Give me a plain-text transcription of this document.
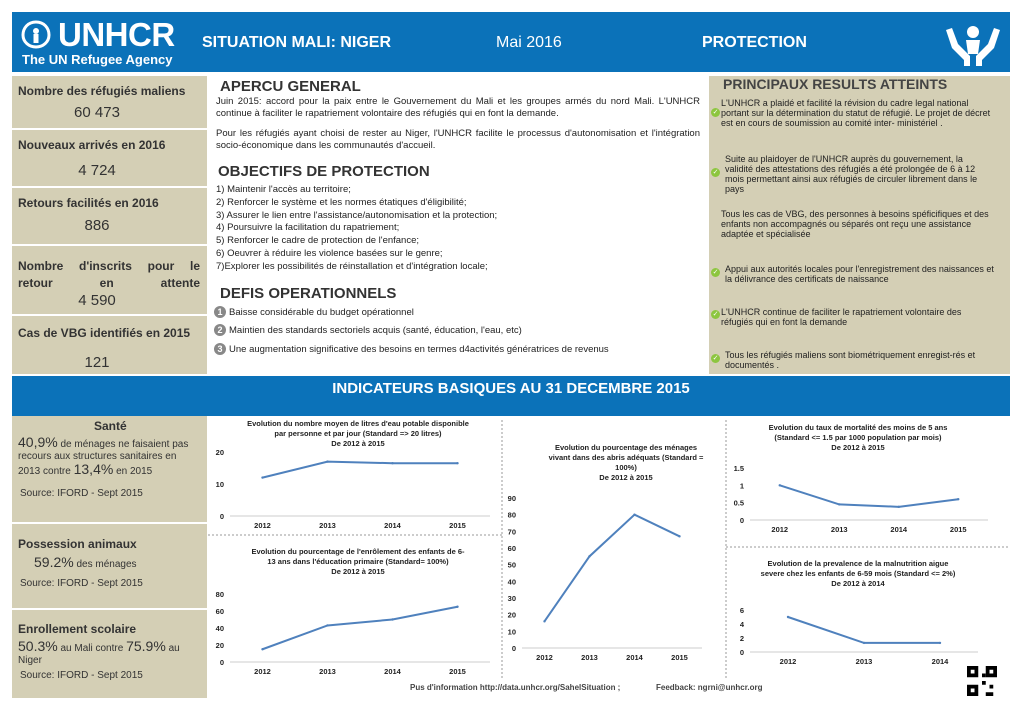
UNHCR
The UN Refugee Agency
SITUATION MALI: NIGER	Mai 2016	PROTECTION
Nombre des réfugiés maliens
60 473
Nouveaux arrivés en 2016
4 724
Retours facilités en 2016
886
Nombre d'inscrits pour le retour en attente
4 590
Cas de VBG identifiés en 2015
121
APERCU GENERAL
Juin 2015: accord pour la paix entre le Gouvernement du Mali et les groupes armés du nord Mali. L'UNHCR continue à faciliter le rapatriement volontaire des réfugiés qui en font la demande.
Pour les réfugiés ayant choisi de rester au Niger, l'UNHCR facilite le processus d'autonomisation et l'intégration socio-économique dans les communautés d'accueil.
OBJECTIFS DE PROTECTION
1) Maintenir l'accès au territoire;
2) Renforcer le système et les normes étatiques d'éligibilité;
3) Assurer le lien entre l'assistance/autonomisation et la protection;
4) Poursuivre la facilitation du rapatriement;
5) Renforcer le cadre de protection de l'enfance;
6) Oeuvrer à réduire les violence basées sur le genre;
7)Explorer les possibilités de réinstallation et d'intégration locale;
DEFIS OPERATIONNELS
1 Baisse considérable du budget opérationnel
2 Maintien des standards sectoriels acquis (santé, éducation, l'eau, etc)
3 Une augmentation significative des besoins en termes d4activités génératrices de revenus
PRINCIPAUX RESULTS ATTEINTS
L'UNHCR a plaidé et facilité la révision du cadre legal national portant sur la détermination du statut de réfugié. Le projet de décret est en cours de soumission au comité inter- ministériel .
✓
Suite au plaidoyer de l'UNHCR auprès du gouvernement, la validité des attestations des réfugiés a été prolongée de 6 à 12 mois permettant ainsi aux réfugiés de circuler librement dans le pays
✓
Tous les cas de VBG, des personnes à besoins spéficifiques et des enfants non accompagnés ou séparés ont reçu une assistance adaptée et spécialisée
Appui aux autorités locales pour l'enregistrement des naissances et la délivrance des certificats de naissance
✓
L'UNHCR continue de faciliter le rapatriement volontaire des réfugiés qui en font la demande
✓
Tous les réfugiés maliens sont biométriquement enregist-rés et documentés .
✓
INDICATEURS BASIQUES AU 31 DECEMBRE 2015
Santé
40,9% de ménages ne faisaient pas recours aux structures sanitaires en 2013 contre 13,4% en 2015
Source: IFORD - Sept 2015
Possession animaux
59.2% des ménages
Source: IFORD - Sept 2015
Enrollement scolaire
50.3% au Mali contre 75.9% au Niger
Source: IFORD - Sept 2015
Evolution du nombre moyen de litres d'eau potable disponible
par personne et par jour (Standard => 20 litres)
De 2012 à 2015
0
10
20
2012	2013	2014	2015
Evolution du pourcentage de l'enrôlement des enfants de 6-
13 ans dans l'éducation primaire (Standard= 100%)
De 2012 à 2015
0
20
40
60
80
2012	2013	2014	2015
Evolution du pourcentage des ménages
vivant dans des abris adéquats (Standard =
100%)
De 2012 à 2015
0
10
20
30
40
50
60
70
80
90
2012	2013	2014	2015
Evolution du taux de mortalité des moins de 5 ans
(Standard <= 1.5 par 1000 population par mois)
De 2012 à 2015
0
0.5
1
1.5
2012	2013	2014	2015
Evolution de la prevalence de la malnutrition aigue
severe chez les enfants de 6-59 mois (Standard <= 2%)
De 2012 à 2014
0
2
4
6
2012	2013	2014
Pus d'information http://data.unhcr.org/SahelSituation ;	Feedback: ngrni@unhcr.org
